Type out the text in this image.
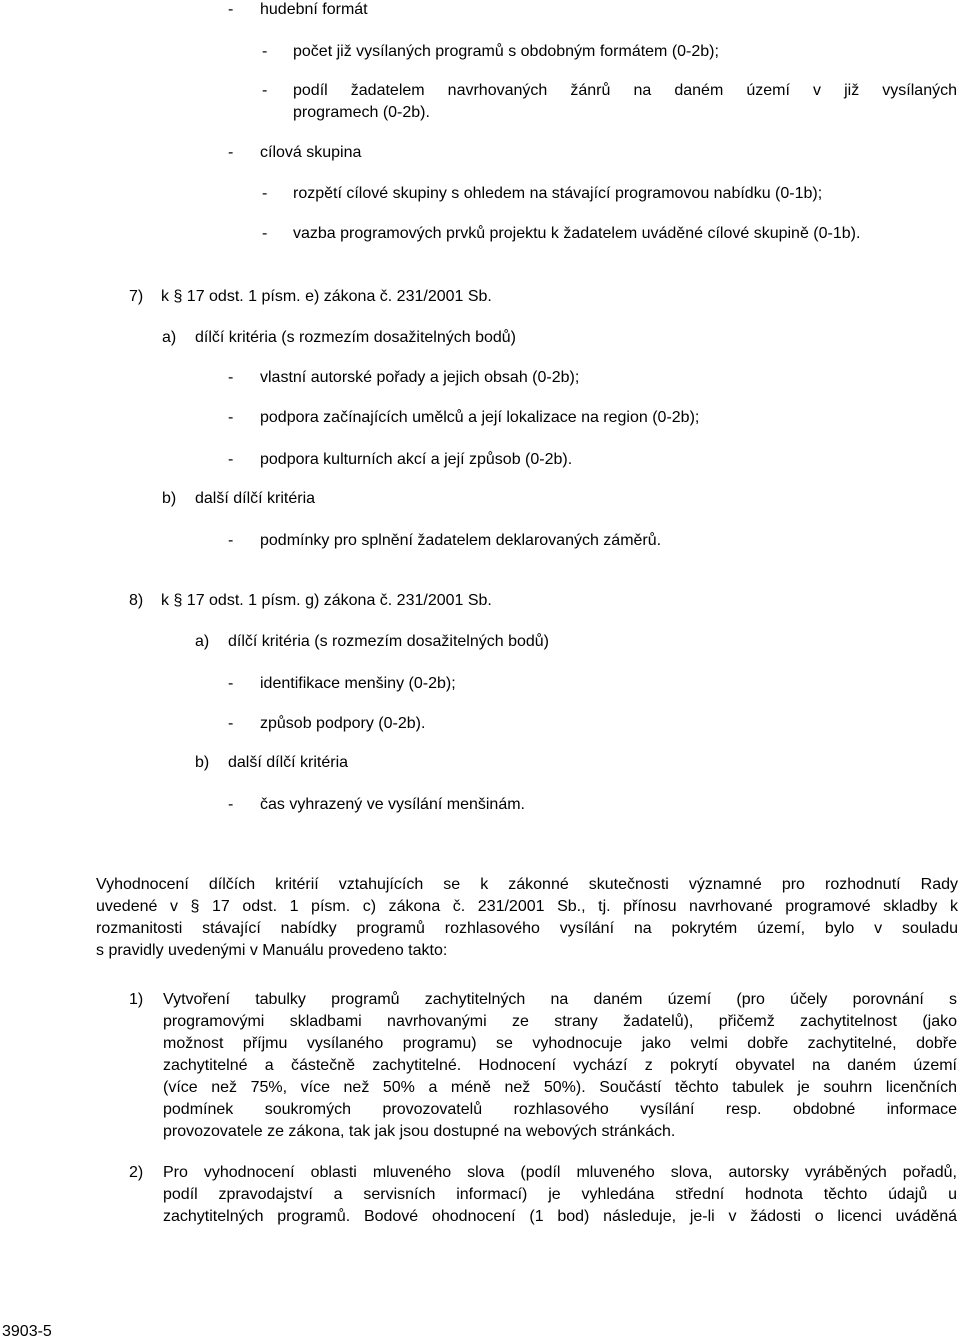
- hudební formát
- počet již vysílaných programů s obdobným formátem (0-2b);
- podíl žadatelem navrhovaných žánrů na daném území v již vysílaných
programech (0-2b).
- cílová skupina
- rozpětí cílové skupiny s ohledem na stávající programovou nabídku (0-1b);
- vazba programových prvků projektu k žadatelem uváděné cílové skupině (0-1b).
7) k § 17 odst. 1 písm. e) zákona č. 231/2001 Sb.
a) dílčí kritéria (s rozmezím dosažitelných bodů)
- vlastní autorské pořady a jejich obsah (0-2b);
- podpora začínajících umělců a její lokalizace na region (0-2b);
- podpora kulturních akcí a její způsob (0-2b).
b) další dílčí kritéria
- podmínky pro splnění žadatelem deklarovaných záměrů.
8) k § 17 odst. 1 písm. g) zákona č. 231/2001 Sb.
a) dílčí kritéria (s rozmezím dosažitelných bodů)
- identifikace menšiny (0-2b);
- způsob podpory (0-2b).
b) další dílčí kritéria
- čas vyhrazený ve vysílání menšinám.
Vyhodnocení dílčích kritérií vztahujících se k zákonné skutečnosti významné pro rozhodnutí Rady
uvedené v § 17 odst. 1 písm. c) zákona č. 231/2001 Sb., tj. přínosu navrhované programové skladby k
rozmanitosti stávající nabídky programů rozhlasového vysílání na pokrytém území, bylo v souladu
s pravidly uvedenými v Manuálu provedeno takto:
1) Vytvoření tabulky programů zachytitelných na daném území (pro účely porovnání s
programovými skladbami navrhovanými ze strany žadatelů), přičemž zachytitelnost (jako
možnost příjmu vysílaného programu) se vyhodnocuje jako velmi dobře zachytitelné, dobře
zachytitelné a částečně zachytitelné. Hodnocení vychází z pokrytí obyvatel na daném území
(více než 75%, více než 50% a méně než 50%). Součástí těchto tabulek je souhrn licenčních
podmínek soukromých provozovatelů rozhlasového vysílání resp. obdobné informace
provozovatele ze zákona, tak jak jsou dostupné na webových stránkách.
2) Pro vyhodnocení oblasti mluveného slova (podíl mluveného slova, autorsky vyráběných pořadů,
podíl zpravodajství a servisních informací) je vyhledána střední hodnota těchto údajů u
zachytitelných programů. Bodové ohodnocení (1 bod) následuje, je-li v žádosti o licenci uváděná
3903-5
